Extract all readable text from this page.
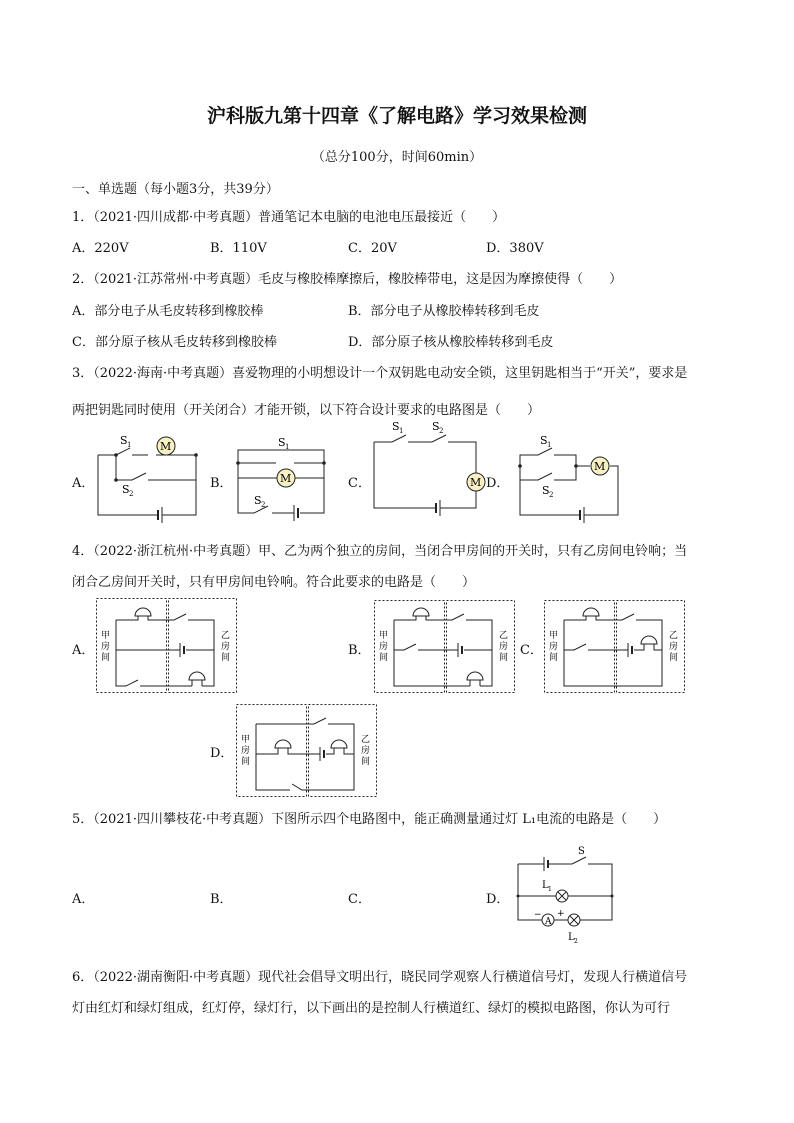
沪科版九第十四章《了解电路》学习效果检测
（总分100分，时间60min）
一、单选题（每小题3分，共39分）
1．（2021·四川成都·中考真题）普通笔记本电脑的电池电压最接近（　　）
A．220V	B．110V	C．20V	D．380V
2．（2021·江苏常州·中考真题）毛皮与橡胶棒摩擦后，橡胶棒带电，这是因为摩擦使得（　　）
A．部分电子从毛皮转移到橡胶棒	B．部分电子从橡胶棒转移到毛皮
C．部分原子核从毛皮转移到橡胶棒	D．部分原子核从橡胶棒转移到毛皮
3．（2022·海南·中考真题）喜爱物理的小明想设计一个双钥匙电动安全锁，这里钥匙相当于“开关”，要求是
两把钥匙同时使用（开关闭合）才能开锁，以下符合设计要求的电路图是（　　）
A．	B．	C．	D．
M
S 1
S 2
M
S 1
S 2
M
S 1	S 2
M
S 1
S 2
4．（2022·浙江杭州·中考真题）甲、乙为两个独立的房间，当闭合甲房间的开关时，只有乙房间电铃响；当
闭合乙房间开关时，只有甲房间电铃响。符合此要求的电路是（　　）
A．	B．	C．
D．
甲
房
间
乙
房
间
甲
房
间
乙
房
间
甲
房
间
乙
房
间
甲
房
间
乙
房
间
5．（2021·四川攀枝花·中考真题）下图所示四个电路图中，能正确测量通过灯 L₁电流的电路是（　　）
A．	B．	C．	D．
S
L 1
L 2
A
− +
6．（2022·湖南衡阳·中考真题）现代社会倡导文明出行，晓民同学观察人行横道信号灯，发现人行横道信号
灯由红灯和绿灯组成，红灯停，绿灯行，以下画出的是控制人行横道红、绿灯的模拟电路图，你认为可行
